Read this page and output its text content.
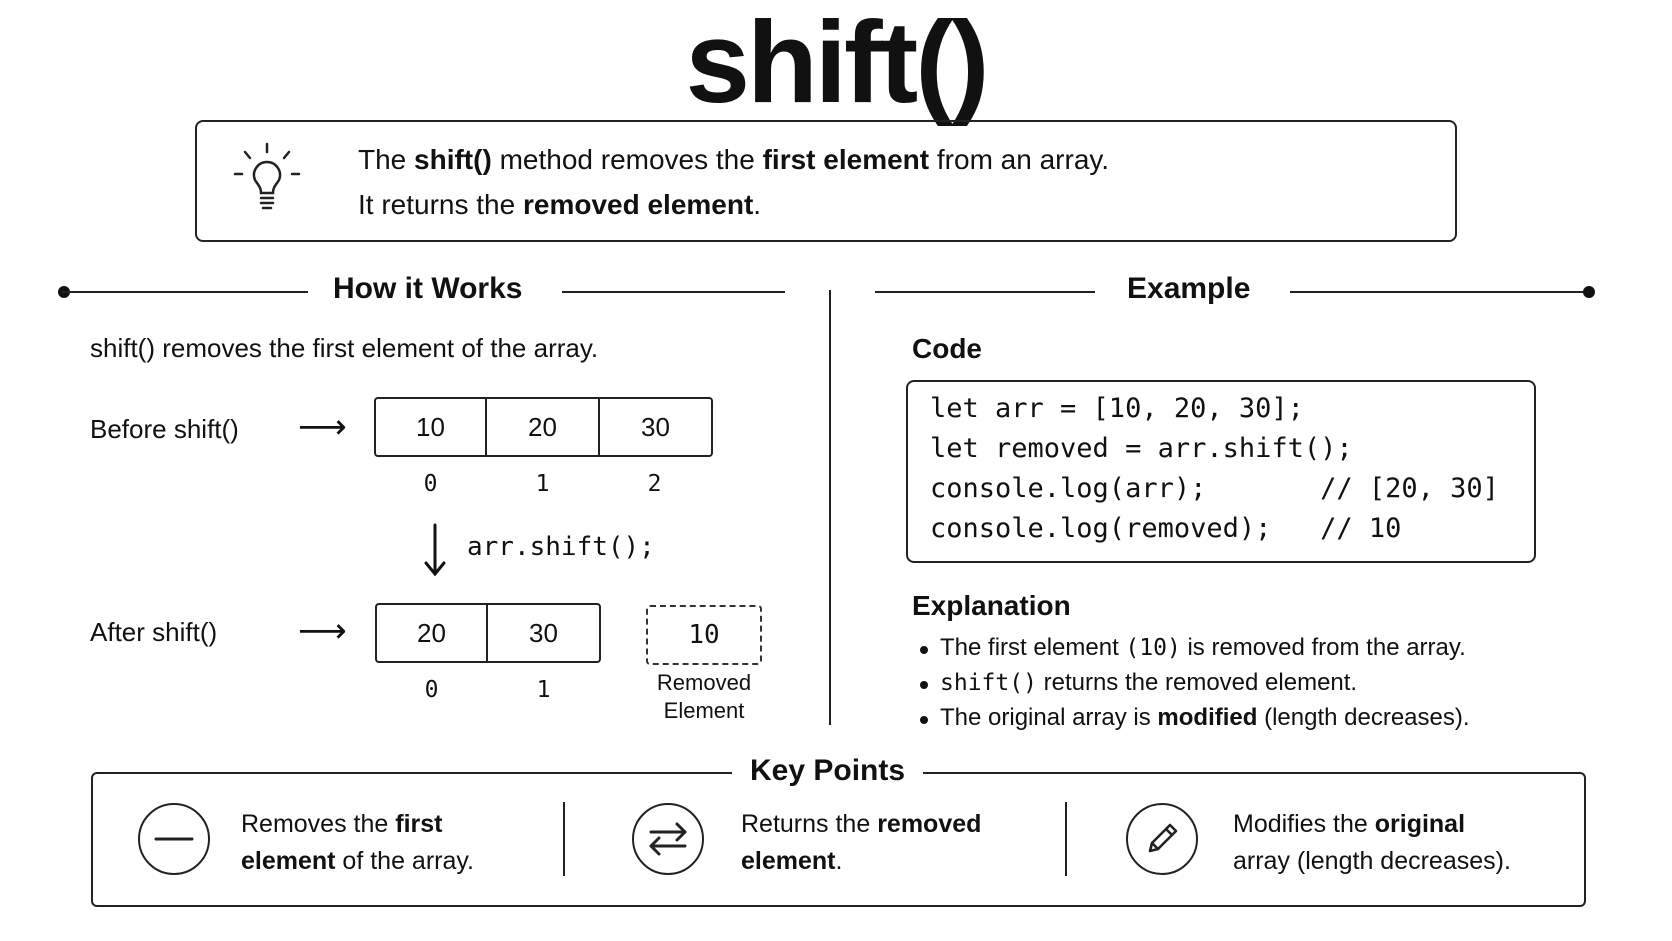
shift()
The shift() method removes the first element from an array.
It returns the removed element.
How it Works	Example
shift() removes the first element of the array.
Before shift() ⟶	10	20	30
0	1	2
arr.shift();
After shift() ⟶	20	30
0	1
10
Removed
Element
Code
let arr = [10, 20, 30];
let removed = arr.shift();
console.log(arr);       // [20, 30]
console.log(removed);   // 10
Explanation
The first element (10) is removed from the array.
shift() returns the removed element.
The original array is modified (length decreases).
Key Points
Removes the first
element of the array.
Returns the removed
element.
Modifies the original
array (length decreases).
